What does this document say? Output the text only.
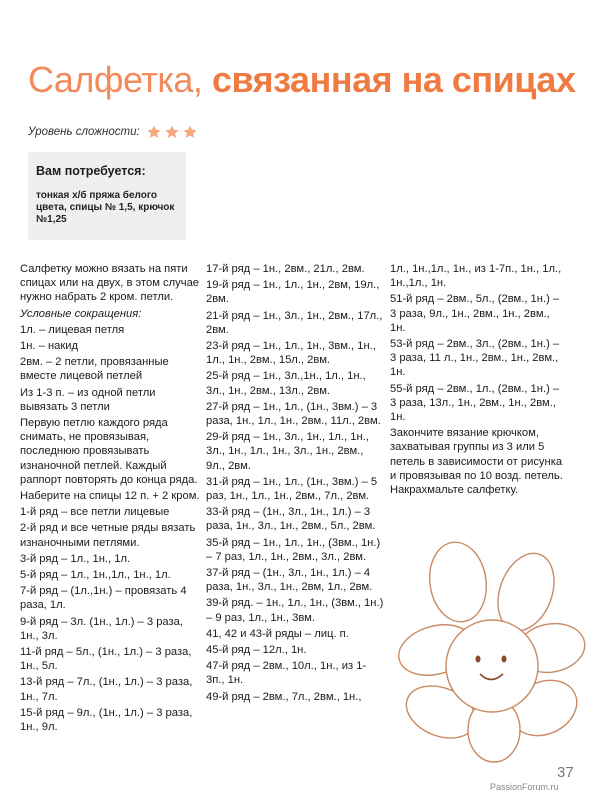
Салфетка, связанная на спицах
Уровень сложности:
Вам потребуется:
тонкая х/б пряжа белого цвета, спицы № 1,5, крючок №1,25

Салфетку можно вязать на пяти спицах или на двух, в этом случае нужно набрать 2 кром. петли.

Условные сокращения:

1л. – лицевая петля

1н. – накид

2вм. – 2 петли, провязанные вместе лицевой петлей

Из 1-3 п. – из одной петли вывязать 3 петли

Первую петлю каждого ряда снимать, не провязывая, последнюю провязывать изнаночной петлей. Каждый раппорт повторять до конца ряда.

Наберите на спицы 12 п. + 2 кром.

1-й ряд – все петли лицевые

2-й ряд и все четные ряды вязать изнаночными петлями.

3-й ряд – 1л., 1н., 1л.

5-й ряд – 1л., 1н.,1л., 1н., 1л.

7-й ряд – (1л.,1н.) – провязать 4 раза, 1л.

9-й ряд – 3л. (1н., 1л.) – 3 раза, 1н., 3л.

11-й ряд – 5л., (1н., 1л.) – 3 раза, 1н., 5л.

13-й ряд – 7л., (1н., 1л.) – 3 раза, 1н., 7л.

15-й ряд – 9л., (1н., 1л.) – 3 раза, 1н., 9л.

17-й ряд – 1н., 2вм., 21л., 2вм.

19-й ряд – 1н., 1л., 1н., 2вм, 19л., 2вм.

21-й ряд – 1н., 3л., 1н., 2вм., 17л., 2вм.

23-й ряд – 1н., 1л., 1н., 3вм., 1н., 1л., 1н., 2вм., 15л., 2вм.

25-й ряд – 1н., 3л.,1н., 1л., 1н., 3л., 1н., 2вм., 13л., 2вм.

27-й ряд – 1н., 1л., (1н., 3вм.) – 3 раза, 1н., 1л., 1н., 2вм., 11л., 2вм.

29-й ряд – 1н., 3л., 1н., 1л., 1н., 3л., 1н., 1л., 1н., 3л., 1н., 2вм., 9л., 2вм.

31-й ряд – 1н., 1л., (1н., 3вм.) – 5 раз, 1н., 1л., 1н., 2вм., 7л., 2вм.

33-й ряд – (1н., 3л., 1н., 1л.) – 3 раза, 1н., 3л., 1н., 2вм., 5л., 2вм.

35-й ряд – 1н., 1л., 1н., (3вм., 1н.) – 7 раз, 1л., 1н., 2вм., 3л., 2вм.

37-й ряд – (1н., 3л., 1н., 1л.) – 4 раза, 1н., 3л., 1н., 2вм, 1л., 2вм.

39-й ряд. – 1н., 1л., 1н., (3вм., 1н.) – 9 раз, 1л., 1н., 3вм.

41, 42 и 43-й ряды – лиц. п.

45-й ряд – 12л., 1н.

47-й ряд – 2вм., 10л., 1н., из 1-3п., 1н.

49-й ряд – 2вм., 7л., 2вм., 1н.,

1л., 1н.,1л., 1н., из 1-7п., 1н., 1л., 1н.,1л., 1н.

51-й ряд – 2вм., 5л., (2вм., 1н.) – 3 раза, 9л., 1н., 2вм., 1н., 2вм., 1н.

53-й ряд – 2вм., 3л., (2вм., 1н.) – 3 раза, 11 л., 1н., 2вм., 1н., 2вм., 1н.

55-й ряд – 2вм., 1л., (2вм., 1н.) – 3 раза, 13л., 1н., 2вм., 1н., 2вм., 1н.

Закончите вязание крючком, захватывая группы из 3 или 5 петель в зависимости от рисунка и провязывая по 10 возд. петель. Накрахмальте салфетку.

37
PassionForum.ru
